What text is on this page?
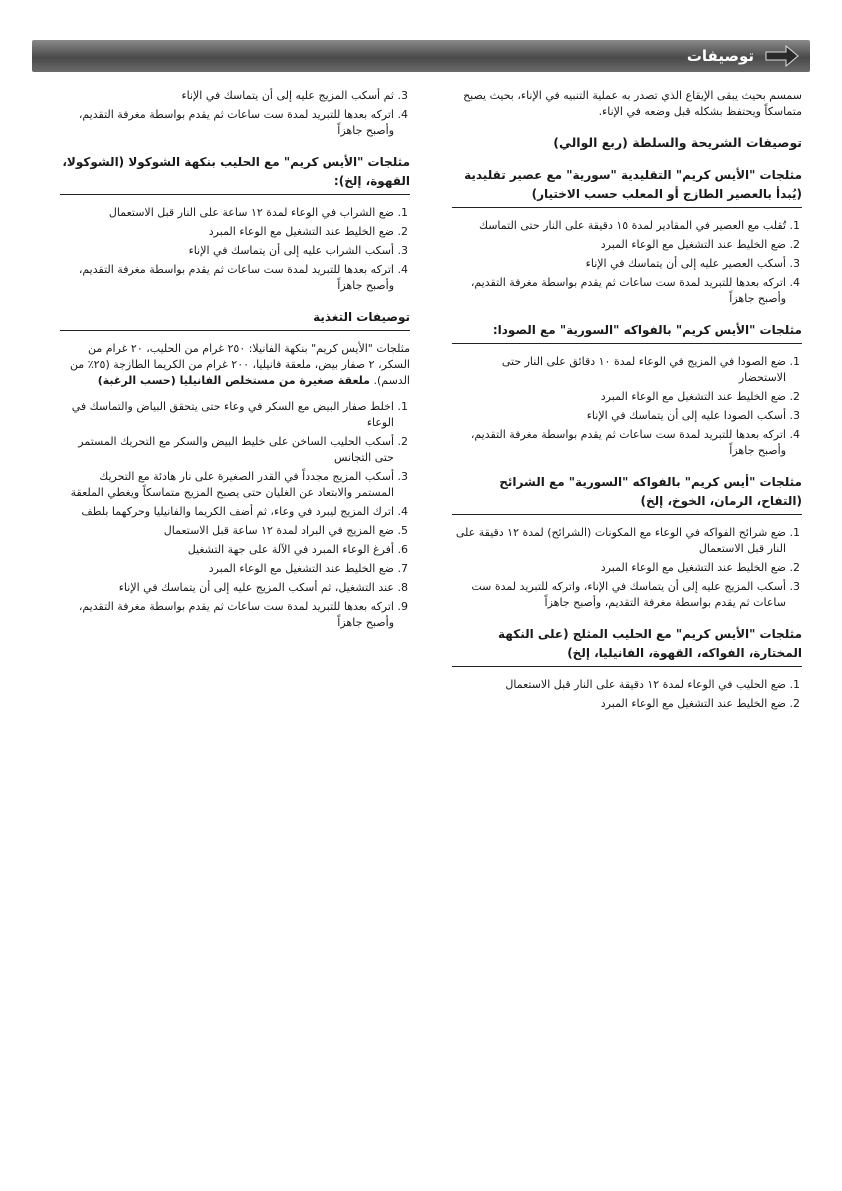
توصيفات

سمسم بحيث يبقى الإيقاع الذي تصدر به عملية التنبيه في الإناء، بحيث يصبح متماسكاً ويحتفظ بشكله قبل وضعه في الإناء.

توصيفات الشريحة والسلطة (ربع الوالي)
مثلجات "الأيس كريم" التقليدية "سورية" مع عصير تقليدية (يُبدأ بالعصير الطازج أو المعلب حسب الاختيار)
1. تُقلب مع العصير في المقادير لمدة ١٥ دقيقة على النار حتى التماسك
2. ضع الخليط عند التشغيل مع الوعاء المبرد
3. أسكب العصير عليه إلى أن يتماسك في الإناء
4. اتركه بعدها للتبريد لمدة ست ساعات ثم يقدم بواسطة مغرفة التقديم، وأصبح جاهزاً
مثلجات "الأيس كريم" بالفواكه "السورية" مع الصودا:
1. ضع الصودا في المزيج في الوعاء لمدة ١٠ دقائق على النار حتى الاستحضار
2. ضع الخليط عند التشغيل مع الوعاء المبرد
3. أسكب الصودا عليه إلى أن يتماسك في الإناء
4. اتركه بعدها للتبريد لمدة ست ساعات ثم يقدم بواسطة مغرفة التقديم، وأصبح جاهزاً
مثلجات "أيس كريم" بالفواكه "السورية" مع الشرائح (التفاح، الرمان، الخوخ، إلخ)
1. ضع شرائح الفواكه في الوعاء مع المكونات (الشرائح) لمدة ١٢ دقيقة على النار قبل الاستعمال
2. ضع الخليط عند التشغيل مع الوعاء المبرد
3. أسكب المزيج عليه إلى أن يتماسك في الإناء، واتركه للتبريد لمدة ست ساعات ثم يقدم بواسطة مغرفة التقديم، وأصبح جاهزاً
مثلجات "الأيس كريم" مع الحليب المثلج (على النكهة المختارة، الفواكه، القهوة، الفانيليا، إلخ)
1. ضع الحليب في الوعاء لمدة ١٢ دقيقة على النار قبل الاستعمال
2. ضع الخليط عند التشغيل مع الوعاء المبرد
3. ثم أسكب المزيج عليه إلى أن يتماسك في الإناء
4. اتركه بعدها للتبريد لمدة ست ساعات ثم يقدم بواسطة مغرفة التقديم، وأصبح جاهزاً
مثلجات "الأيس كريم" مع الحليب بنكهة الشوكولا (الشوكولا، القهوة، إلخ):
1. ضع الشراب في الوعاء لمدة ١٢ ساعة على النار قبل الاستعمال
2. ضع الخليط عند التشغيل مع الوعاء المبرد
3. أسكب الشراب عليه إلى أن يتماسك في الإناء
4. اتركه بعدها للتبريد لمدة ست ساعات ثم يقدم بواسطة مغرفة التقديم، وأصبح جاهزاً
توصيفات التغذية

مثلجات "الأيس كريم" بنكهة الفانيلا: ٢٥٠ غرام من الحليب، ٢٠ غرام من السكر، ٢ صفار بيض، ملعقة فانيليا، ٢٠٠ غرام من الكريما الطازجة (٢٥٪ من الدسم). ملعقة صغيرة من مستخلص الفانيليا (حسب الرغبة)

1. اخلط صفار البيض مع السكر في وعاء حتى يتحقق البياض والتماسك في الوعاء
2. أسكب الحليب الساخن على خليط البيض والسكر مع التحريك المستمر حتى التجانس
3. أسكب المزيج مجدداً في القدر الصغيرة على نار هادئة مع التحريك المستمر والابتعاد عن الغليان حتى يصبح المزيج متماسكاً ويغطي الملعقة
4. اترك المزيج ليبرد في وعاء، ثم أضف الكريما والفانيليا وحركهما بلطف
5. ضع المزيج في البراد لمدة ١٢ ساعة قبل الاستعمال
6. أفرغ الوعاء المبرد في الآلة على جهة التشغيل
7. ضع الخليط عند التشغيل مع الوعاء المبرد
8. عند التشغيل، ثم أسكب المزيج عليه إلى أن يتماسك في الإناء
9. اتركه بعدها للتبريد لمدة ست ساعات ثم يقدم بواسطة مغرفة التقديم، وأصبح جاهزاً
